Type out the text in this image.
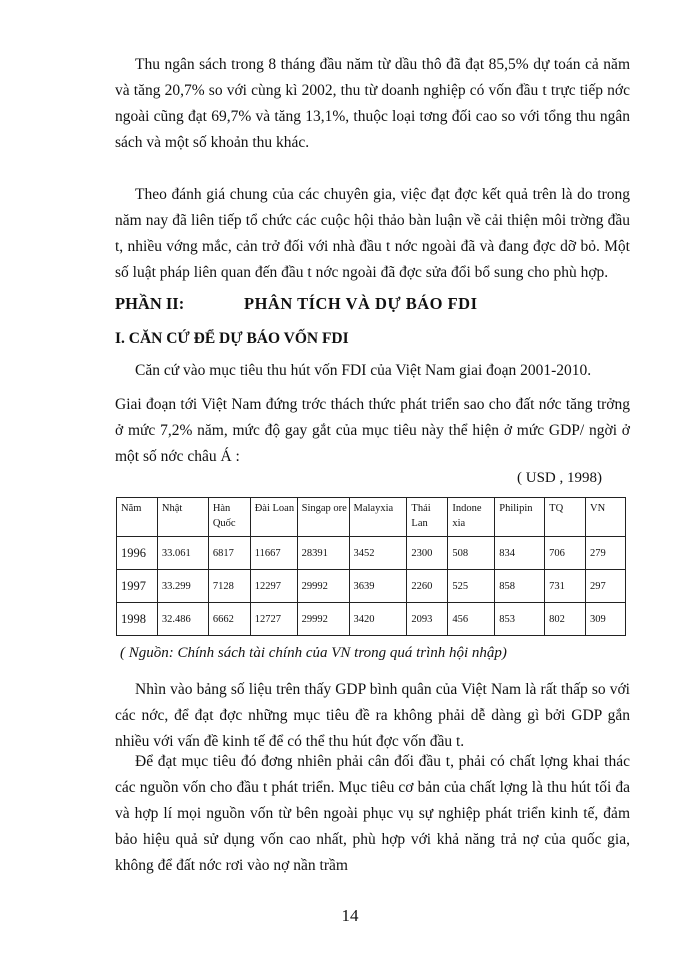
Thu ngân sách trong 8 tháng đầu năm từ dầu thô đã đạt 85,5% dự toán cả năm và tăng 20,7% so với cùng kì 2002, thu từ doanh nghiệp có vốn đầu t trực tiếp nớc ngoài cũng đạt 69,7% và tăng 13,1%, thuộc loại tơng đối cao so với tổng thu ngân sách và một số khoản thu khác.

Theo đánh giá chung của các chuyên gia, việc đạt đợc kết quả trên là do trong năm nay đã liên tiếp tổ chức các cuộc hội thảo bàn luận về cải thiện môi trờng đầu t, nhiều vớng mắc, cản trở đối với nhà đầu t nớc ngoài đã và đang đợc dỡ bỏ. Một số luật pháp liên quan đến đầu t nớc ngoài đã đợc sửa đổi bổ sung cho phù hợp.

PHẦN II:	PHÂN TÍCH VÀ DỰ BÁO FDI
I. CĂN CỨ ĐỂ DỰ BÁO VỐN FDI

Căn cứ vào mục tiêu thu hút vốn FDI của Việt Nam giai đoạn 2001-2010.

Giai đoạn tới Việt Nam đứng trớc thách thức phát triển sao cho đất nớc tăng trởng ở mức 7,2% năm, mức độ gay gắt của mục tiêu này thể hiện ở mức GDP/ ngời ở một số nớc châu Á :

( USD , 1998)
Năm	Nhật	Hàn Quốc	Đài Loan	Singap ore	Malayxia	Thái Lan	Indone xia	Philipin	TQ	VN
1996	33.061	6817	11667	28391	3452	2300	508	834	706	279
1997	33.299	7128	12297	29992	3639	2260	525	858	731	297
1998	32.486	6662	12727	29992	3420	2093	456	853	802	309
( Nguồn: Chính sách tài chính của VN trong quá trình hội nhập)

Nhìn vào bảng số liệu trên thấy GDP bình quân của Việt Nam là rất thấp so với các nớc, để đạt đợc những mục tiêu đề ra không phải dễ dàng gì bởi GDP gắn nhiều với vấn đề kinh tế để có thể thu hút đợc vốn đầu t.

Để đạt mục tiêu đó đơng nhiên phải cân đối đầu t, phải có chất lợng khai thác các nguồn vốn cho đầu t phát triển. Mục tiêu cơ bản của chất lợng là thu hút tối đa và hợp lí mọi nguồn vốn từ bên ngoài phục vụ sự nghiệp phát triển kinh tế, đảm bảo hiệu quả sử dụng vốn cao nhất, phù hợp với khả năng trả nợ của quốc gia, không để đất nớc rơi vào nợ nần trầm

14
